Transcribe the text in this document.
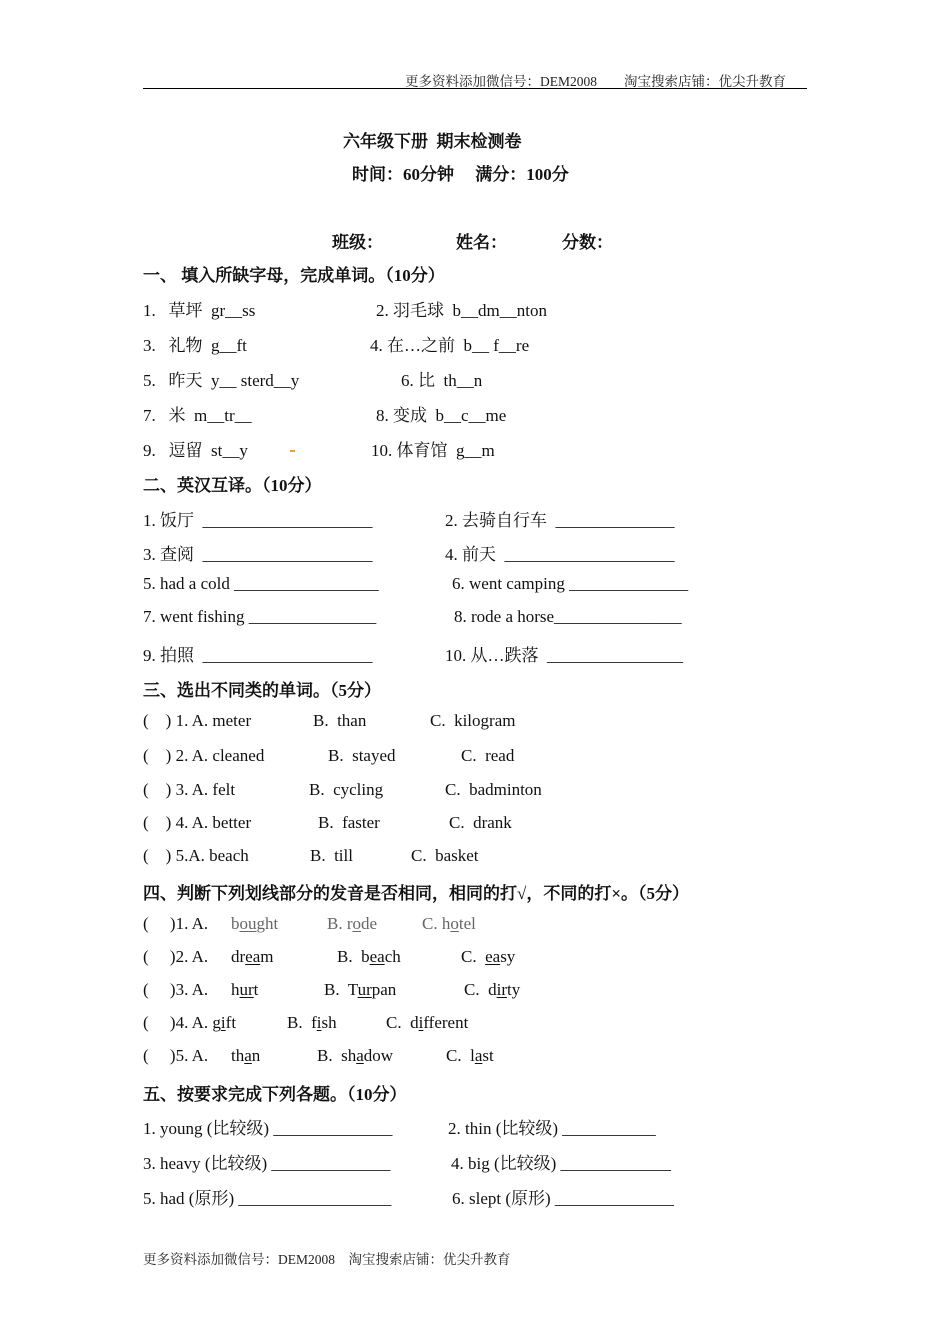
更多资料添加微信号：DEM2008　　淘宝搜索店铺：优尖升教育
六年级下册  期末检测卷
时间：60分钟　 满分：100分
班级：	姓名：	分数：
一、 填入所缺字母，完成单词。（10分）
1.   草坪  gr__ss	2. 羽毛球  b__dm__nton
3.   礼物  g__ft	4. 在…之前  b__ f__re
5.   昨天  y__ sterd__y	6. 比  th__n
7.   米  m__tr__	8. 变成  b__c__me
9.   逗留  st__y	10. 体育馆  g__m
二、英汉互译。（10分）
1. 饭厅  ____________________	2. 去骑自行车  ______________
3. 查阅  ____________________	4. 前天  ____________________
5. had a cold _________________	6. went camping ______________
7. went fishing _______________	8. rode a horse_______________
9. 拍照  ____________________	10. 从…跌落  ________________
三、选出不同类的单词。（5分）
(    ) 1. A. meter	B.  than	C.  kilogram
(    ) 2. A. cleaned	B.  stayed	C.  read
(    ) 3. A. felt	B.  cycling	C.  badminton
(    ) 4. A. better	B.  faster	C.  drank
(    ) 5.A. beach	B.  till	C.  basket
四、判断下列划线部分的发音是否相同，相同的打√，不同的打×。（5分）
(     )1. A. bought	B. rode	C. hotel
(     )2. A. dream	B.  beach	C.  easy
(     )3. A. hurt	B.  Turpan	C.  dirty
(     )4. A. gift	B.  fish	C.  different
(     )5. A. than	B.  shadow	C.  last
五、按要求完成下列各题。（10分）
1. young (比较级) ______________	2. thin (比较级) ___________
3. heavy (比较级) ______________	4. big (比较级) _____________
5. had (原形) __________________	6. slept (原形) ______________
更多资料添加微信号：DEM2008　淘宝搜索店铺：优尖升教育
